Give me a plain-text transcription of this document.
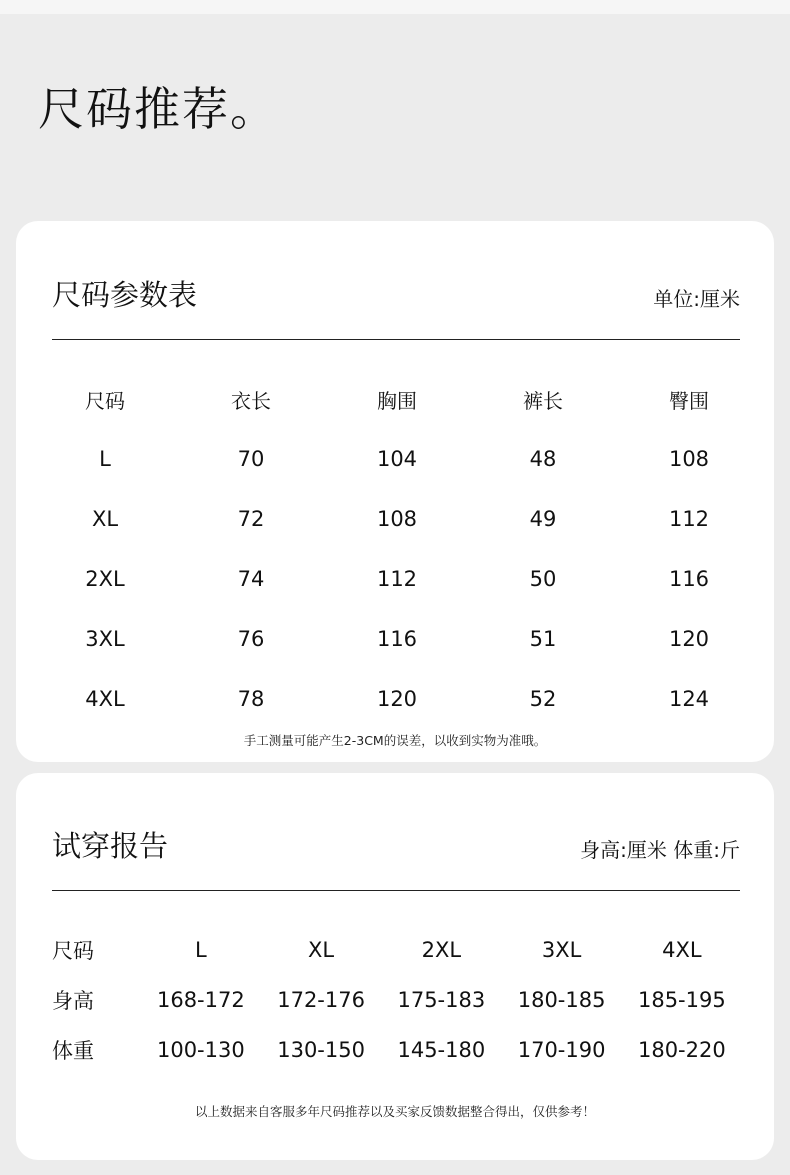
尺码推荐。
尺码参数表	单位:厘米
尺码	衣长	胸围	裤长	臀围
L	70	104	48	108
XL	72	108	49	112
2XL	74	112	50	116
3XL	76	116	51	120
4XL	78	120	52	124
手工测量可能产生2-3CM的误差，以收到实物为准哦。
试穿报告	身高:厘米 体重:斤
尺码	L	XL	2XL	3XL	4XL
身高	168-172	172-176	175-183	180-185	185-195
体重	100-130	130-150	145-180	170-190	180-220
以上数据来自客服多年尺码推荐以及买家反馈数据整合得出，仅供参考！
